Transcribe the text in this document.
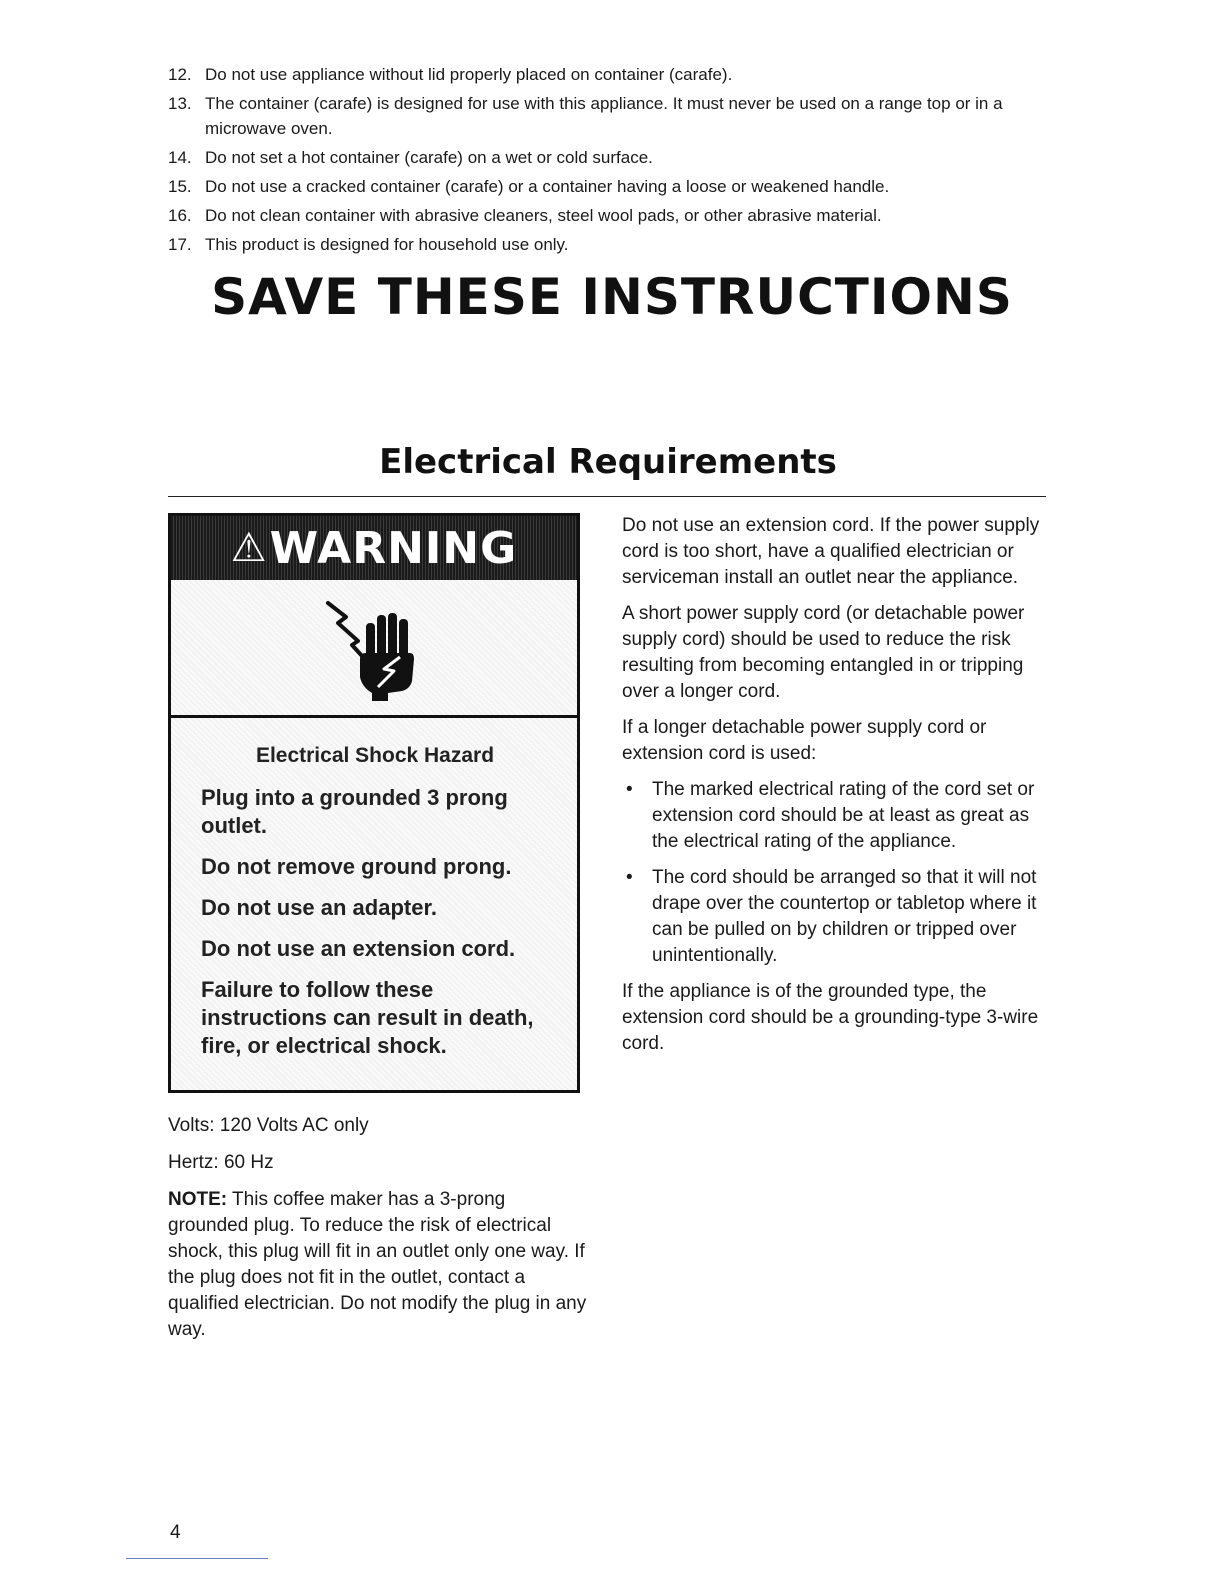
12. Do not use appliance without lid properly placed on container (carafe).
13. The container (carafe) is designed for use with this appliance. It must never be used on a range top or in a microwave oven.
14. Do not set a hot container (carafe) on a wet or cold surface.
15. Do not use a cracked container (carafe) or a container having a loose or weakened handle.
16. Do not clean container with abrasive cleaners, steel wool pads, or other abrasive material.
17. This product is designed for household use only.
SAVE THESE INSTRUCTIONS
Electrical Requirements
⚠ WARNING

Electrical Shock Hazard

Plug into a grounded 3 prong outlet.

Do not remove ground prong.

Do not use an adapter.

Do not use an extension cord.

Failure to follow these instructions can result in death, fire, or electrical shock.

Volts: 120 Volts AC only

Hertz: 60 Hz

NOTE: This coffee maker has a 3-prong grounded plug. To reduce the risk of electrical shock, this plug will fit in an outlet only one way. If the plug does not fit in the outlet, contact a qualified electrician. Do not modify the plug in any way.

Do not use an extension cord. If the power supply cord is too short, have a qualified electrician or serviceman install an outlet near the appliance.

A short power supply cord (or detachable power supply cord) should be used to reduce the risk resulting from becoming entangled in or tripping over a longer cord.

If a longer detachable power supply cord or extension cord is used:

•	The marked electrical rating of the cord set or extension cord should be at least as great as the electrical rating of the appliance.
•	The cord should be arranged so that it will not drape over the countertop or tabletop where it can be pulled on by children or tripped over unintentionally.

If the appliance is of the grounded type, the extension cord should be a grounding-type 3-wire cord.

4
